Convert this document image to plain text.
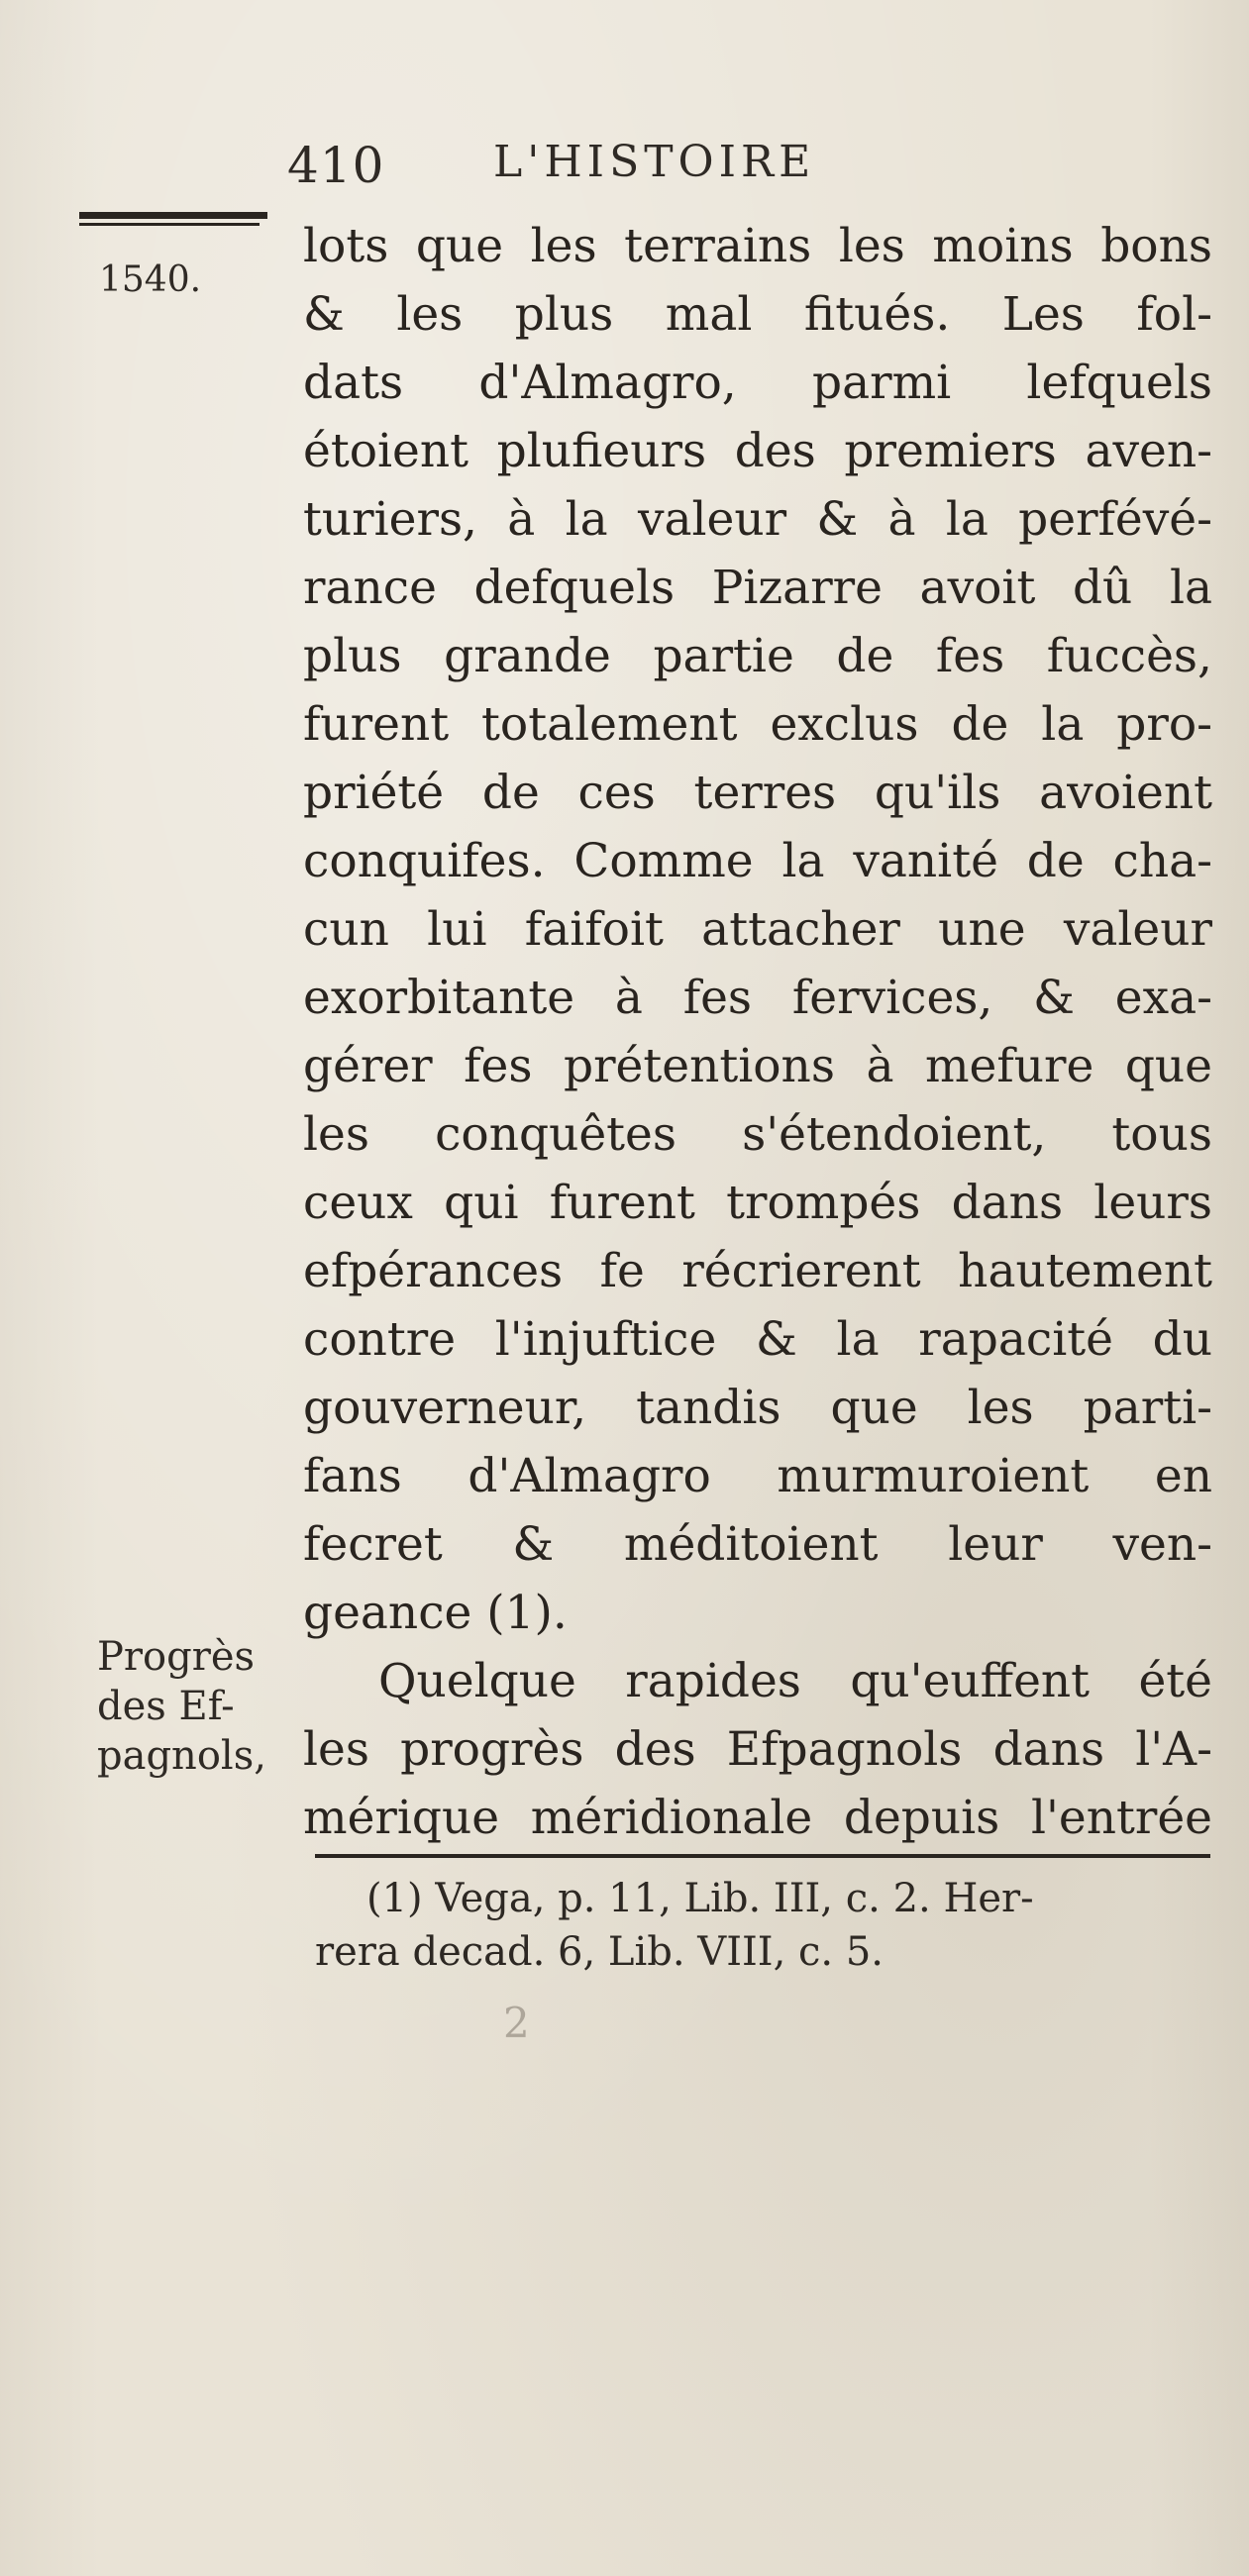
410 L'HISTOIRE
1540.
Progrès
des Ef-
pagnols,
lots que les terrains les moins bons
& les plus mal fitués. Les fol-
dats d'Almagro, parmi lefquels
étoient plufieurs des premiers aven-
turiers, à la valeur & à la perfévé-
rance defquels Pizarre avoit dû la
plus grande partie de fes fuccès,
furent totalement exclus de la pro-
priété de ces terres qu'ils avoient
conquifes. Comme la vanité de cha-
cun lui faifoit attacher une valeur
exorbitante à fes fervices, & exa-
gérer fes prétentions à mefure que
les conquêtes s'étendoient, tous
ceux qui furent trompés dans leurs
efpérances fe récrierent hautement
contre l'injuftice & la rapacité du
gouverneur, tandis que les parti-
fans d'Almagro murmuroient en
fecret & méditoient leur ven-
geance (1).
Quelque rapides qu'euffent été
les progrès des Efpagnols dans l'A-
mérique méridionale depuis l'entrée
(1) Vega, p. 11, Lib. III, c. 2. Her-
rera decad. 6, Lib. VIII, c. 5.
2
